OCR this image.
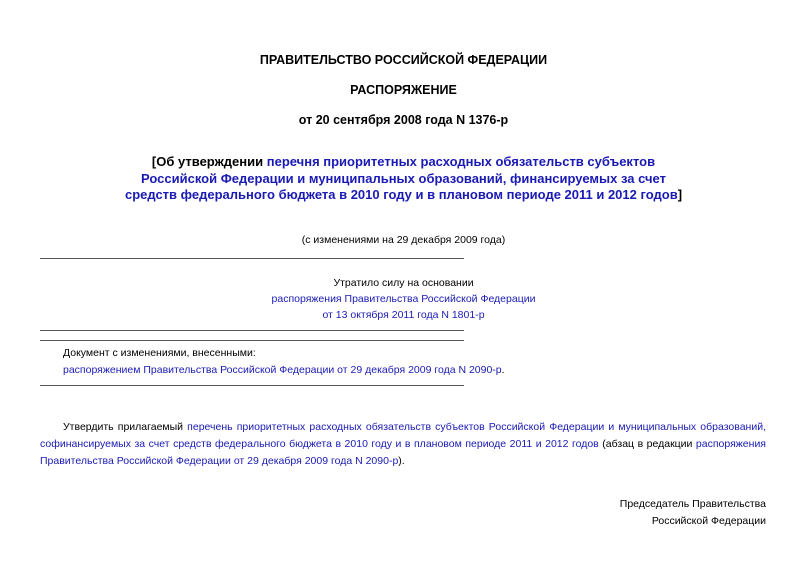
ПРАВИТЕЛЬСТВО РОССИЙСКОЙ ФЕДЕРАЦИИ
РАСПОРЯЖЕНИЕ
от 20 сентября 2008 года N 1376-р
[Об утверждении перечня приоритетных расходных обязательств субъектов Российской Федерации и муниципальных образований, финансируемых за счет средств федерального бюджета в 2010 году и в плановом периоде 2011 и 2012 годов]
(с изменениями на 29 декабря 2009 года)
Утратило силу на основании
распоряжения Правительства Российской Федерации
от 13 октября 2011 года N 1801-р
Документ с изменениями, внесенными:
распоряжением Правительства Российской Федерации от 29 декабря 2009 года N 2090-р.
Утвердить прилагаемый перечень приоритетных расходных обязательств субъектов Российской Федерации и муниципальных образований, софинансируемых за счет средств федерального бюджета в 2010 году и в плановом периоде 2011 и 2012 годов (абзац в редакции распоряжения Правительства Российской Федерации от 29 декабря 2009 года N 2090-р).
Председатель Правительства
Российской Федерации
